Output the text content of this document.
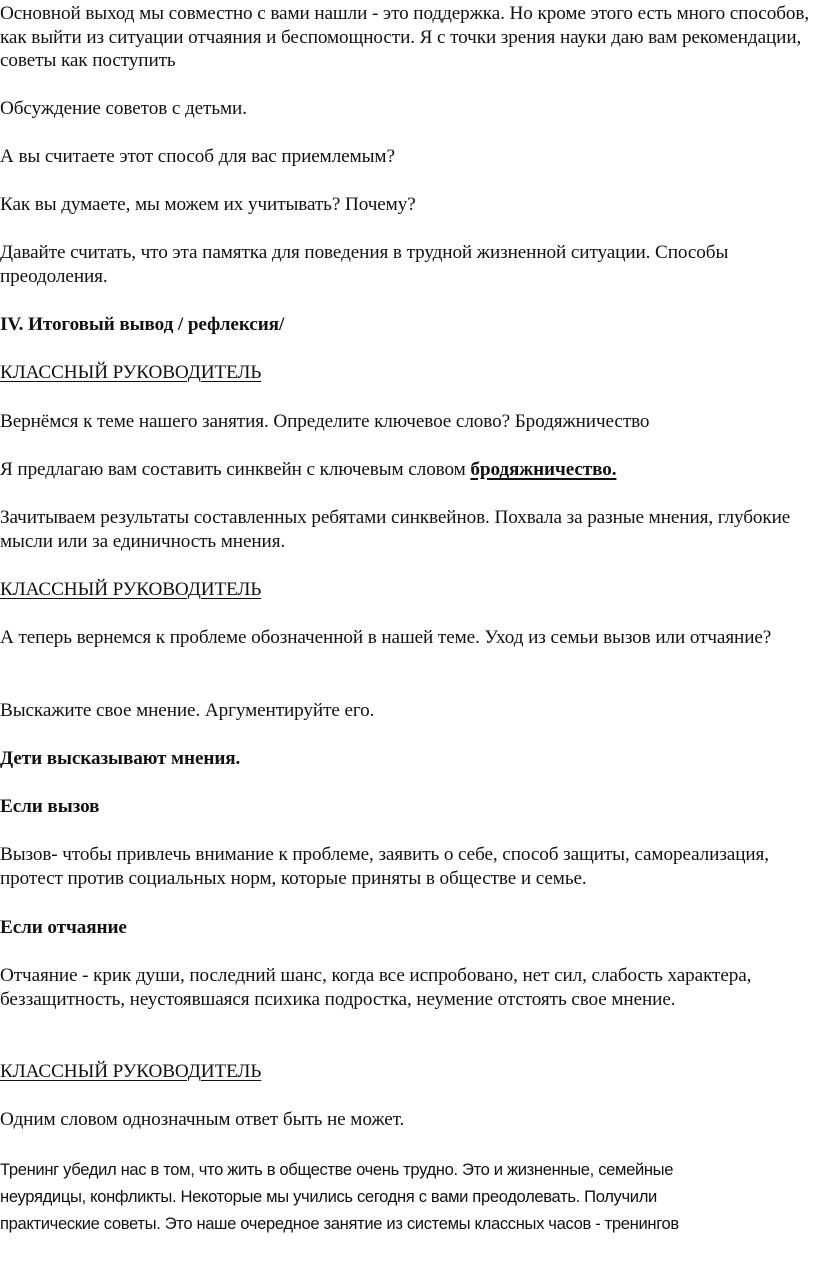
Основной выход мы совместно с вами нашли - это поддержка. Но кроме этого есть много способов, как выйти из ситуации отчаяния и беспомощности. Я с точки зрения науки даю вам рекомендации, советы как поступить

Обсуждение советов с детьми.

А вы считаете этот способ для вас приемлемым?

Как вы думаете, мы можем их учитывать? Почему?

Давайте считать, что эта памятка для поведения в трудной жизненной ситуации. Способы преодоления.

IV. Итоговый вывод / рефлексия/

КЛАССНЫЙ РУКОВОДИТЕЛЬ

Вернёмся к теме нашего занятия. Определите ключевое слово? Бродяжничество

Я предлагаю вам составить синквейн с ключевым словом бродяжничество.

Зачитываем результаты составленных ребятами синквейнов. Похвала за разные мнения, глубокие мысли или за единичность мнения.

КЛАССНЫЙ РУКОВОДИТЕЛЬ

А теперь вернемся к проблеме обозначенной в нашей теме. Уход из семьи вызов или отчаяние?

Выскажите свое мнение. Аргументируйте его.

Дети высказывают мнения.

Если вызов

Вызов- чтобы привлечь внимание к проблеме, заявить о себе, способ защиты, самореализация, протест против социальных норм, которые приняты в обществе и семье.

Если отчаяние

Отчаяние - крик души, последний шанс, когда все испробовано, нет сил, слабость характера, беззащитность, неустоявшаяся психика подростка, неумение отстоять свое мнение.

КЛАССНЫЙ РУКОВОДИТЕЛЬ

Одним словом однозначным ответ быть не может.

Тренинг убедил нас в том, что жить в обществе очень трудно. Это и жизненные, семейные неурядицы, конфликты. Некоторые мы учились сегодня с вами преодолевать. Получили практические советы. Это наше очередное занятие из системы классных часов - тренингов
